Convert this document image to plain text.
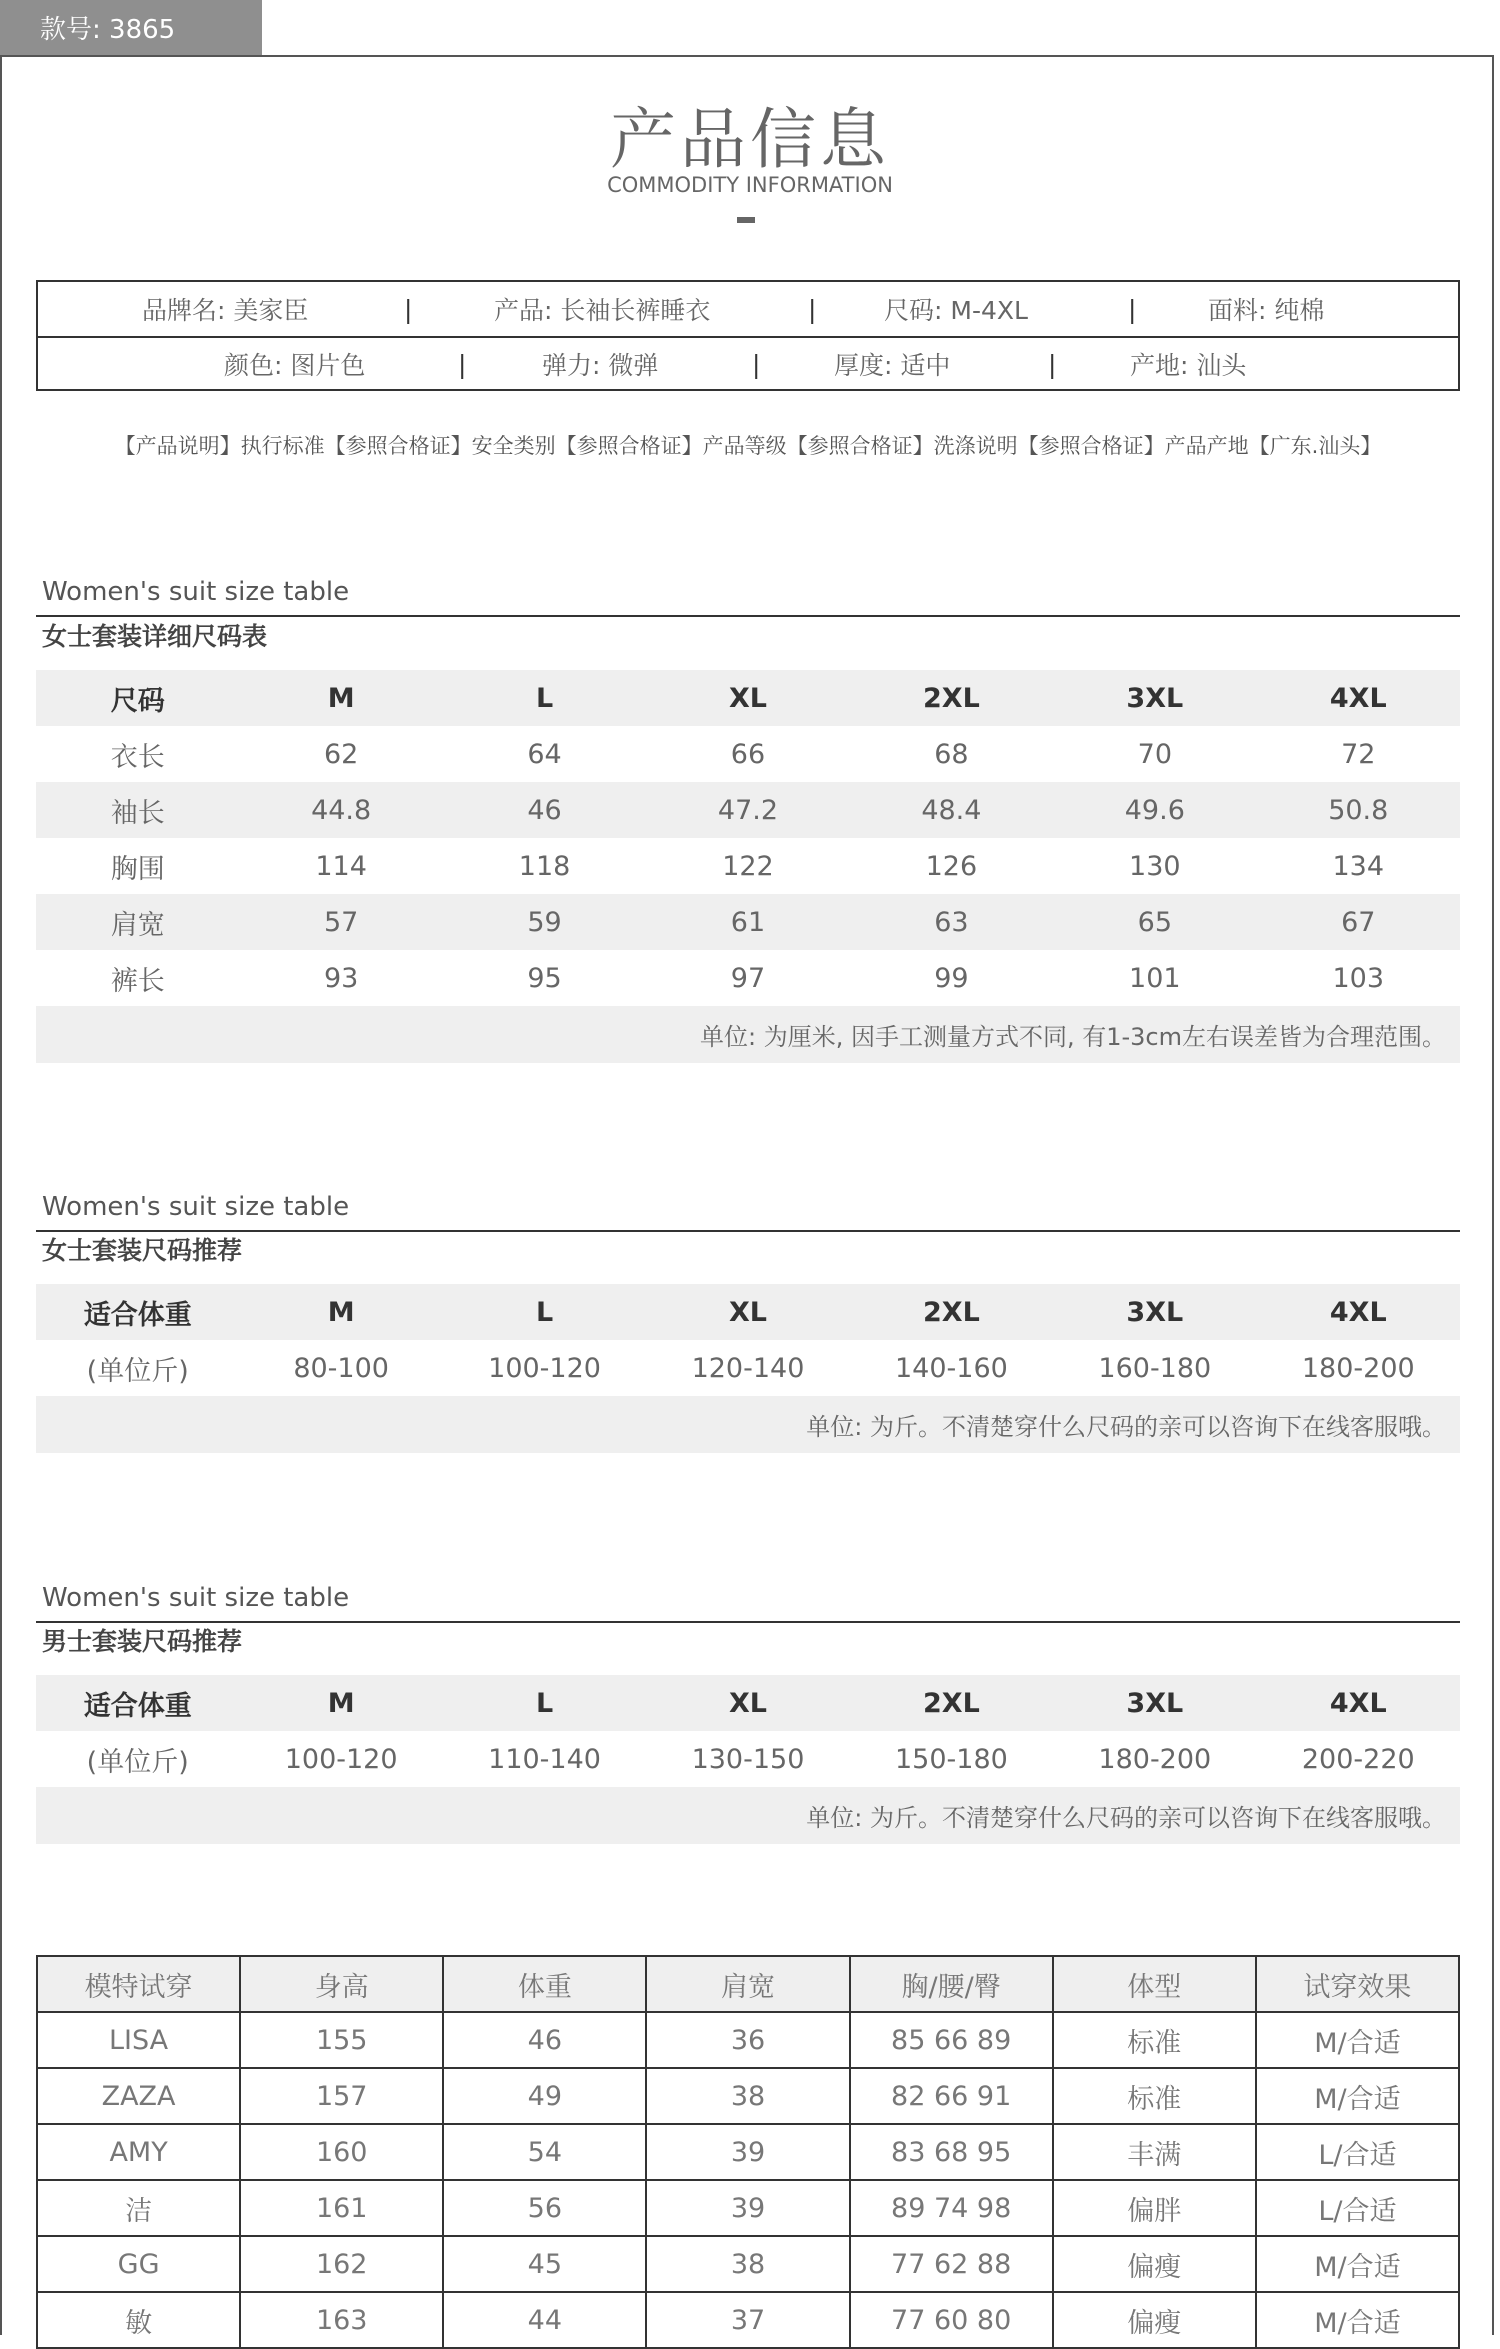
款号: 3865
产品信息
COMMODITY INFORMATION
品牌名: 美家臣	|	产品: 长袖长裤睡衣	|	尺码: M-4XL	|	面料: 纯棉
颜色: 图片色	|	弹力: 微弹	|	厚度: 适中	|	产地: 汕头
【产品说明】执行标准【参照合格证】安全类别【参照合格证】产品等级【参照合格证】洗涤说明【参照合格证】产品产地【广东.汕头】
Women's suit size table
女士套装详细尺码表
尺码	M	L	XL	2XL	3XL	4XL
衣长	62	64	66	68	70	72
袖长	44.8	46	47.2	48.4	49.6	50.8
胸围	114	118	122	126	130	134
肩宽	57	59	61	63	65	67
裤长	93	95	97	99	101	103
单位: 为厘米, 因手工测量方式不同, 有1-3cm左右误差皆为合理范围。						
Women's suit size table
女士套装尺码推荐
适合体重	M	L	XL	2XL	3XL	4XL
(单位斤)	80-100	100-120	120-140	140-160	160-180	180-200
单位: 为斤。不清楚穿什么尺码的亲可以咨询下在线客服哦。						
Women's suit size table
男士套装尺码推荐
适合体重	M	L	XL	2XL	3XL	4XL
(单位斤)	100-120	110-140	130-150	150-180	180-200	200-220
单位: 为斤。不清楚穿什么尺码的亲可以咨询下在线客服哦。						
模特试穿	身高	体重	肩宽	胸/腰/臀	体型	试穿效果
LISA	155	46	36	85 66 89	标准	M/合适
ZAZA	157	49	38	82 66 91	标准	M/合适
AMY	160	54	39	83 68 95	丰满	L/合适
洁	161	56	39	89 74 98	偏胖	L/合适
GG	162	45	38	77 62 88	偏瘦	M/合适
敏	163	44	37	77 60 80	偏瘦	M/合适
